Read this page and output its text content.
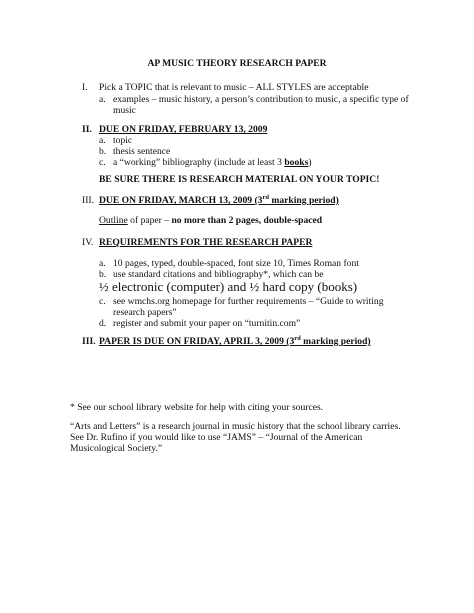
AP MUSIC THEORY RESEARCH PAPER
I. Pick a TOPIC that is relevant to music – ALL STYLES are acceptable
a. examples – music history, a person’s contribution to music, a specific type of
music
II. DUE ON FRIDAY, FEBRUARY 13, 2009
a. topic
b. thesis sentence
c. a “working” bibliography (include at least 3 books)
BE SURE THERE IS RESEARCH MATERIAL ON YOUR TOPIC!
III. DUE ON FRIDAY, MARCH 13, 2009 (3rd marking period)
Outline of paper – no more than 2 pages, double-spaced
IV. REQUIREMENTS FOR THE RESEARCH PAPER
a. 10 pages, typed, double-spaced, font size 10, Times Roman font
b. use standard citations and bibliography*, which can be
½ electronic (computer) and ½ hard copy (books)
c. see wmchs.org homepage for further requirements – “Guide to writing
research papers”
d. register and submit your paper on “turnitin.com”
III. PAPER IS DUE ON FRIDAY, APRIL 3, 2009 (3rd marking period)
* See our school library website for help with citing your sources.
“Arts and Letters” is a research journal in music history that the school library carries.
See Dr. Rufino if you would like to use “JAMS” – “Journal of the American
Musicological Society.”
